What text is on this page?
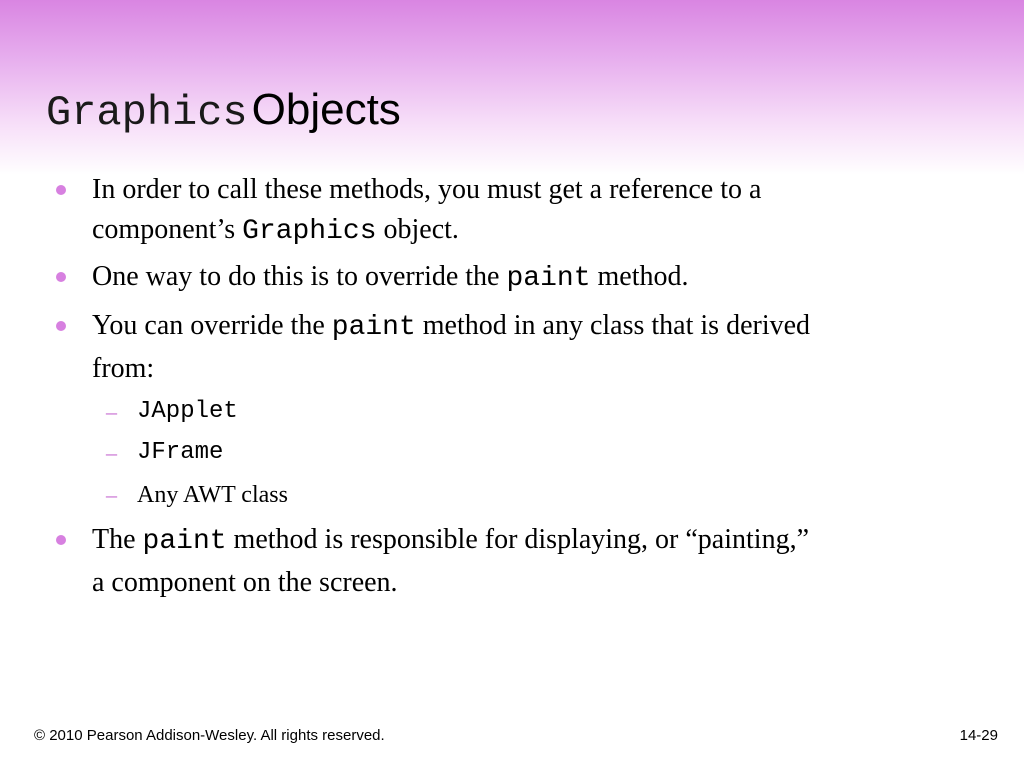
Graphics Objects
In order to call these methods, you must get a reference to a
component’s Graphics object.
One way to do this is to override the paint method.
You can override the paint method in any class that is derived
from:
– JApplet
– JFrame
– Any AWT class
The paint method is responsible for displaying, or “painting,”
a component on the screen.
© 2010 Pearson Addison-Wesley. All rights reserved.	14-29
